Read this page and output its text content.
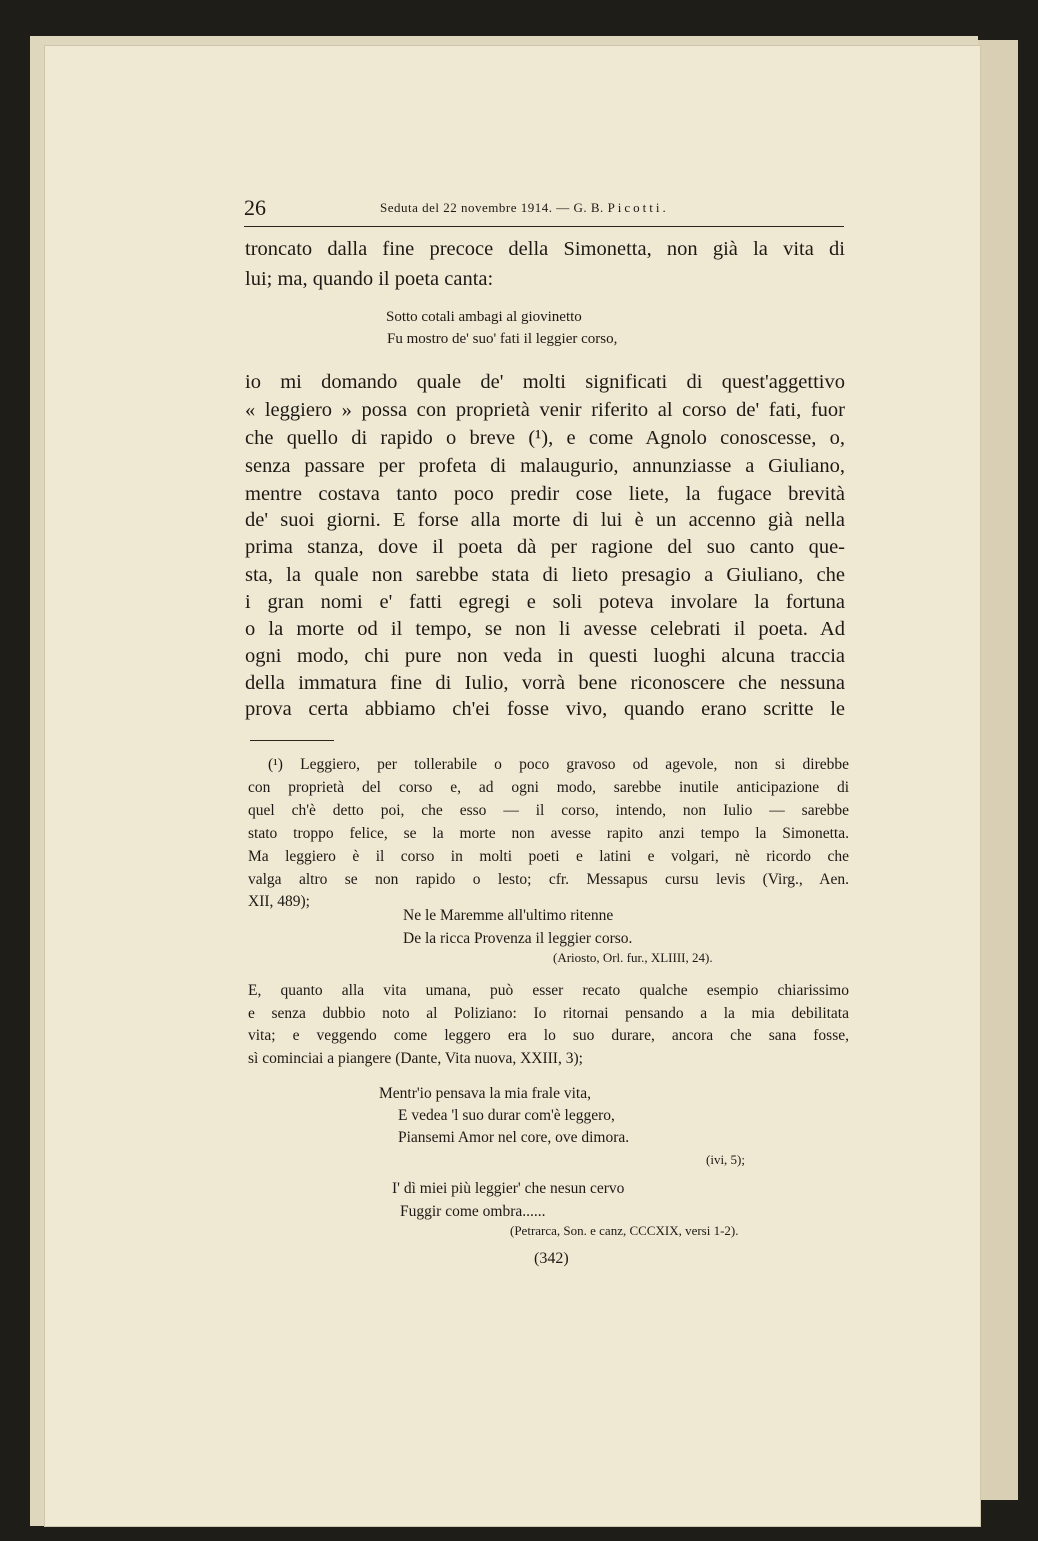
26	Seduta del 22 novembre 1914. — G. B. Picotti.
troncato dalla fine precoce della Simonetta, non già la vita di
lui; ma, quando il poeta canta:
Sotto cotali ambagi al giovinetto
Fu mostro de' suo' fati il leggier corso,
io mi domando quale de' molti significati di quest'aggettivo
« leggiero » possa con proprietà venir riferito al corso de' fati, fuor
che quello di rapido o breve (¹), e come Agnolo conoscesse, o,
senza passare per profeta di malaugurio, annunziasse a Giuliano,
mentre costava tanto poco predir cose liete, la fugace brevità
de' suoi giorni. E forse alla morte di lui è un accenno già nella
prima stanza, dove il poeta dà per ragione del suo canto que-
sta, la quale non sarebbe stata di lieto presagio a Giuliano, che
i gran nomi e' fatti egregi e soli poteva involare la fortuna
o la morte od il tempo, se non li avesse celebrati il poeta. Ad
ogni modo, chi pure non veda in questi luoghi alcuna traccia
della immatura fine di Iulio, vorrà bene riconoscere che nessuna
prova certa abbiamo ch'ei fosse vivo, quando erano scritte le
(¹) Leggiero, per tollerabile o poco gravoso od agevole, non si direbbe
con proprietà del corso e, ad ogni modo, sarebbe inutile anticipazione di
quel ch'è detto poi, che esso — il corso, intendo, non Iulio — sarebbe
stato troppo felice, se la morte non avesse rapito anzi tempo la Simonetta.
Ma leggiero è il corso in molti poeti e latini e volgari, nè ricordo che
valga altro se non rapido o lesto; cfr. Messapus cursu levis (Virg., Aen.
XII, 489);
Ne le Maremme all'ultimo ritenne
De la ricca Provenza il leggier corso.
(Ariosto, Orl. fur., XLIIII, 24).
E, quanto alla vita umana, può esser recato qualche esempio chiarissimo
e senza dubbio noto al Poliziano: Io ritornai pensando a la mia debilitata
vita; e veggendo come leggero era lo suo durare, ancora che sana fosse,
sì cominciai a piangere (Dante, Vita nuova, XXIII, 3);
Mentr'io pensava la mia frale vita,
E vedea 'l suo durar com'è leggero,
Piansemi Amor nel core, ove dimora.
(ivi, 5);
I' dì miei più leggier' che nesun cervo
Fuggir come ombra......
(Petrarca, Son. e canz, CCCXIX, versi 1-2).
(342)
